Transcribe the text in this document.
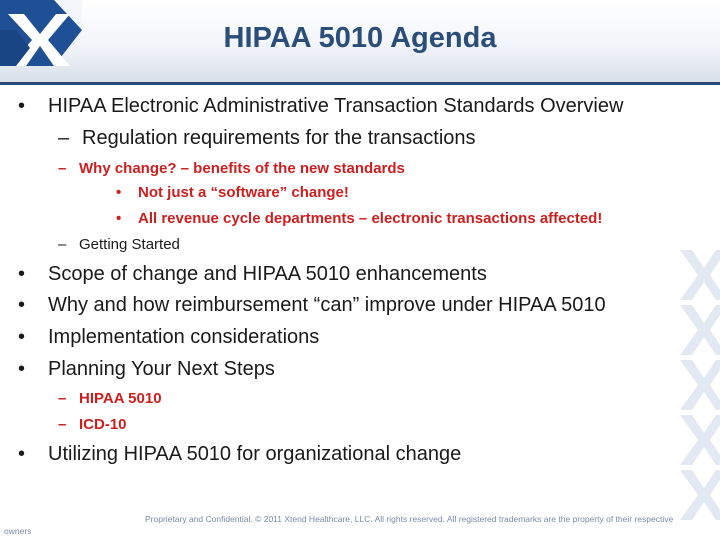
HIPAA 5010 Agenda
• HIPAA Electronic Administrative Transaction Standards Overview
– Regulation requirements for the transactions
– Why change? – benefits of the new standards
• Not just a “software” change!
• All revenue cycle departments – electronic transactions affected!
– Getting Started
• Scope of change and HIPAA 5010 enhancements
• Why and how reimbursement “can” improve under HIPAA 5010
• Implementation considerations
• Planning Your Next Steps
– HIPAA 5010
– ICD-10
• Utilizing HIPAA 5010 for organizational change
Proprietary and Confidential. © 2011 Xtend Healthcare, LLC. All rights reserved. All registered trademarks are the property of their respective
owners
